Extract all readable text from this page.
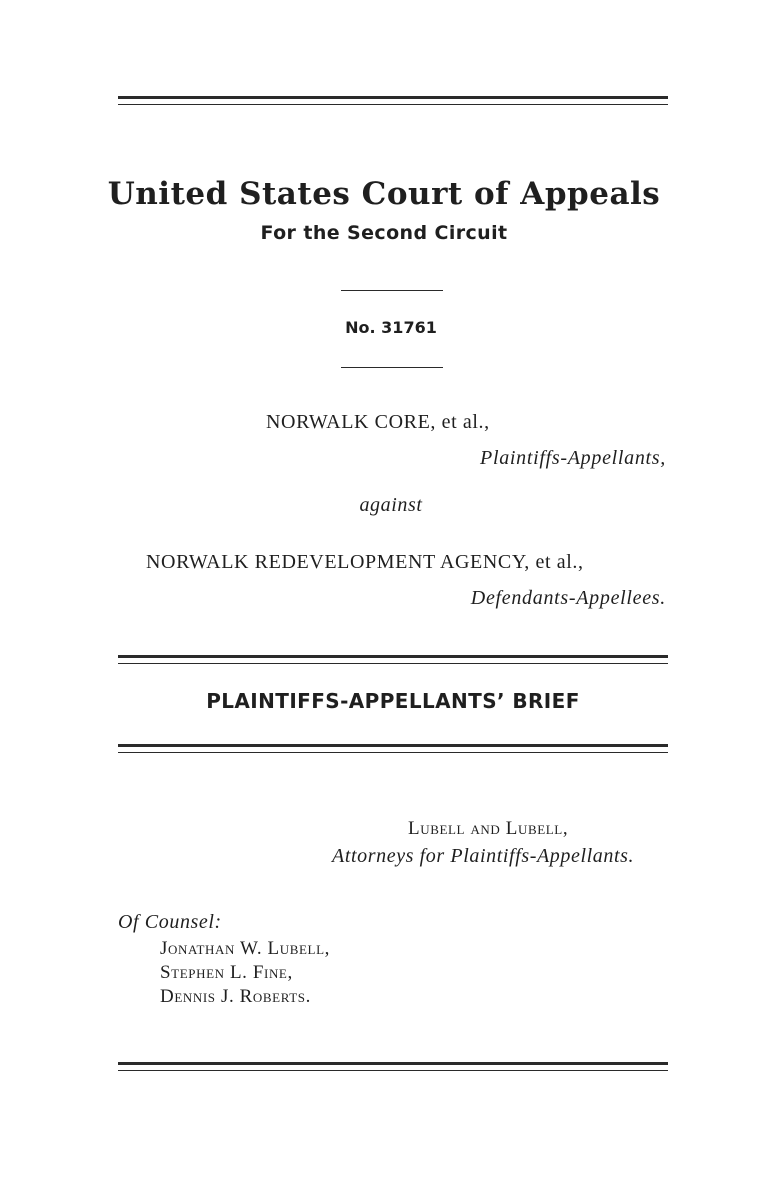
United States Court of Appeals
For the Second Circuit
No. 31761
NORWALK CORE, et al.,
Plaintiffs-Appellants,
against
NORWALK REDEVELOPMENT AGENCY, et al.,
Defendants-Appellees.
PLAINTIFFS-APPELLANTS’ BRIEF
Lubell and Lubell,
Attorneys for Plaintiffs-Appellants.
Of Counsel:
Jonathan W. Lubell,
Stephen L. Fine,
Dennis J. Roberts.
